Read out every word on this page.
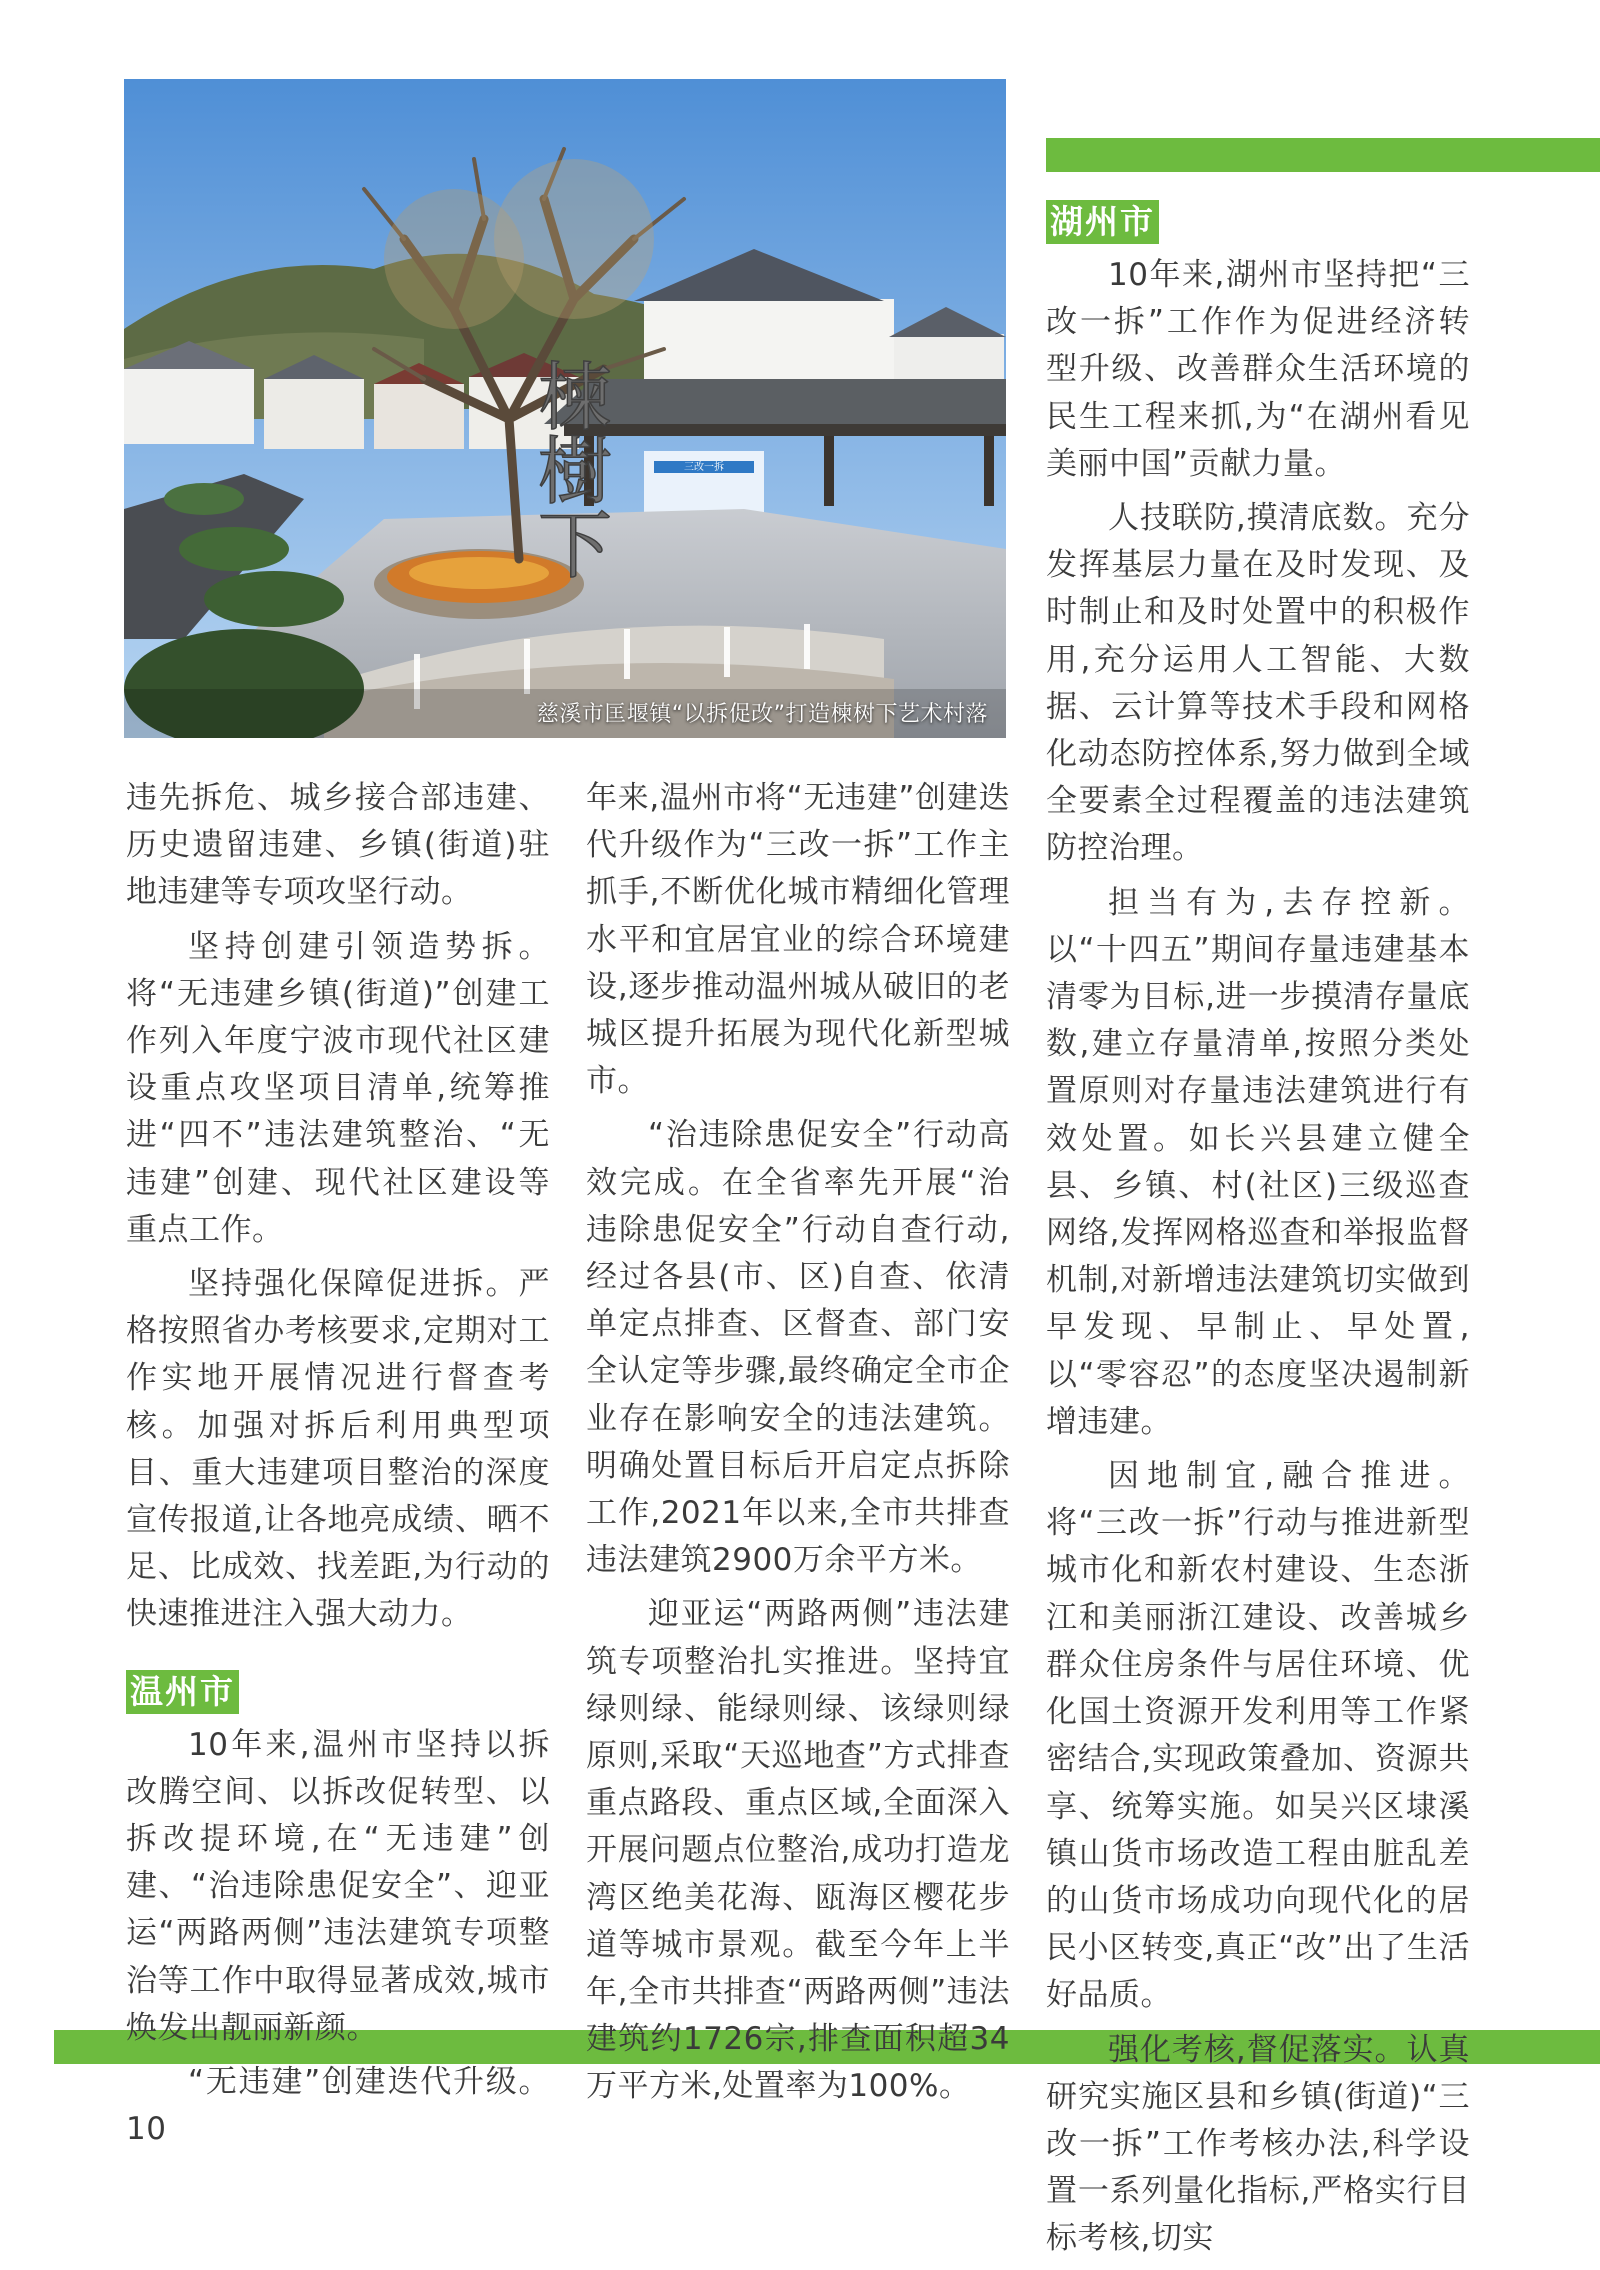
三改一拆
楝樹下
慈溪市匡堰镇“以拆促改”打造楝树下艺术村落

违先拆危、城乡接合部违建、历史遗留违建、乡镇(街道)驻地违建等专项攻坚行动。

坚持创建引领造势拆。将“无违建乡镇(街道)”创建工作列入年度宁波市现代社区建设重点攻坚项目清单,统筹推进“四不”违法建筑整治、“无违建”创建、现代社区建设等重点工作。

坚持强化保障促进拆。严格按照省办考核要求,定期对工作实地开展情况进行督查考核。加强对拆后利用典型项目、重大违建项目整治的深度宣传报道,让各地亮成绩、晒不足、比成效、找差距,为行动的快速推进注入强大动力。

温州市

10年来,温州市坚持以拆改腾空间、以拆改促转型、以拆改提环境,在“无违建”创建、“治违除患促安全”、迎亚运“两路两侧”违法建筑专项整治等工作中取得显著成效,城市焕发出靓丽新颜。

“无违建”创建迭代升级。10

年来,温州市将“无违建”创建迭代升级作为“三改一拆”工作主抓手,不断优化城市精细化管理水平和宜居宜业的综合环境建设,逐步推动温州城从破旧的老城区提升拓展为现代化新型城市。

“治违除患促安全”行动高效完成。在全省率先开展“治违除患促安全”行动自查行动,经过各县(市、区)自查、依清单定点排查、区督查、部门安全认定等步骤,最终确定全市企业存在影响安全的违法建筑。明确处置目标后开启定点拆除工作,2021年以来,全市共排查违法建筑2900万余平方米。

迎亚运“两路两侧”违法建筑专项整治扎实推进。坚持宜绿则绿、能绿则绿、该绿则绿原则,采取“天巡地查”方式排查重点路段、重点区域,全面深入开展问题点位整治,成功打造龙湾区绝美花海、瓯海区樱花步道等城市景观。截至今年上半年,全市共排查“两路两侧”违法建筑约1726宗,排查面积超34万平方米,处置率为100%。

湖州市

10年来,湖州市坚持把“三改一拆”工作作为促进经济转型升级、改善群众生活环境的民生工程来抓,为“在湖州看见美丽中国”贡献力量。

人技联防,摸清底数。充分发挥基层力量在及时发现、及时制止和及时处置中的积极作用,充分运用人工智能、大数据、云计算等技术手段和网格化动态防控体系,努力做到全域全要素全过程覆盖的违法建筑防控治理。

担当有为,去存控新。以“十四五”期间存量违建基本清零为目标,进一步摸清存量底数,建立存量清单,按照分类处置原则对存量违法建筑进行有效处置。如长兴县建立健全县、乡镇、村(社区)三级巡查网络,发挥网格巡查和举报监督机制,对新增违法建筑切实做到早发现、早制止、早处置,以“零容忍”的态度坚决遏制新增违建。

因地制宜,融合推进。将“三改一拆”行动与推进新型城市化和新农村建设、生态浙江和美丽浙江建设、改善城乡群众住房条件与居住环境、优化国土资源开发利用等工作紧密结合,实现政策叠加、资源共享、统筹实施。如吴兴区埭溪镇山货市场改造工程由脏乱差的山货市场成功向现代化的居民小区转变,真正“改”出了生活好品质。

强化考核,督促落实。认真研究实施区县和乡镇(街道)“三改一拆”工作考核办法,科学设置一系列量化指标,严格实行目标考核,切实
